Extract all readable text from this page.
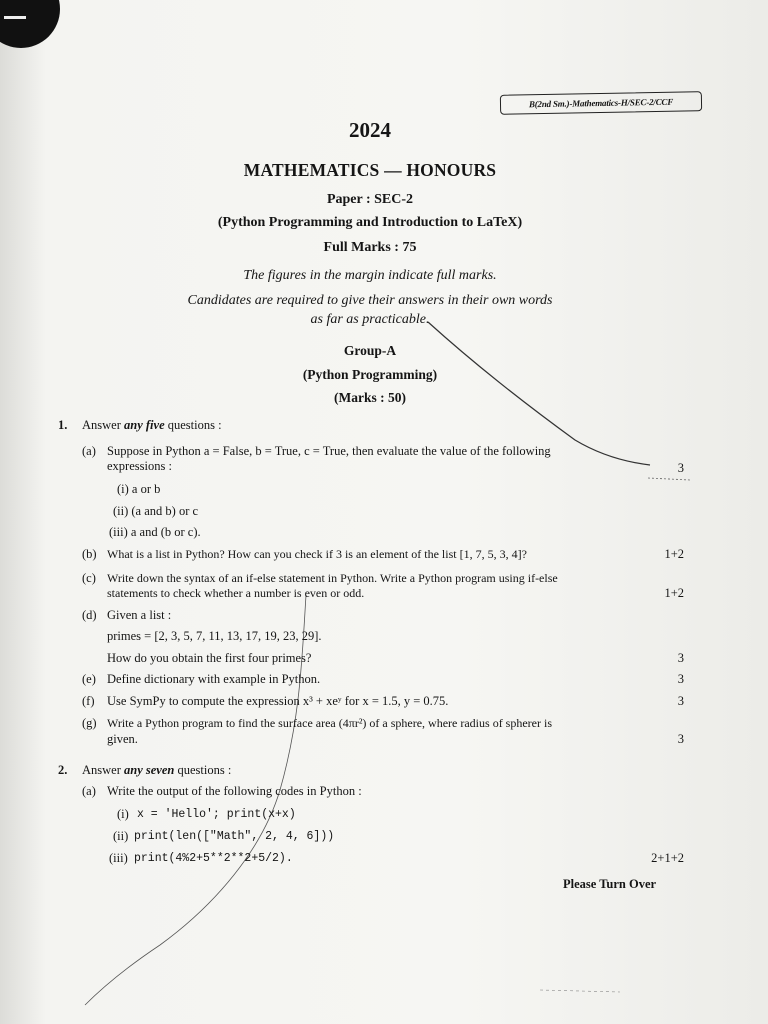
B(2nd Sm.)-Mathematics-H/SEC-2/CCF
2024
MATHEMATICS — HONOURS
Paper : SEC-2
(Python Programming and Introduction to LaTeX)
Full Marks : 75
The figures in the margin indicate full marks.
Candidates are required to give their answers in their own words
as far as practicable.
Group-A
(Python Programming)
(Marks : 50)
1. Answer any five questions :
(a) Suppose in Python a = False, b = True, c = True, then evaluate the value of the following
expressions :	3
(i) a or b
(ii) (a and b) or c
(iii) a and (b or c).
(b) What is a list in Python? How can you check if 3 is an element of the list [1, 7, 5, 3, 4]?	1+2
(c) Write down the syntax of an if-else statement in Python. Write a Python program using if-else
statements to check whether a number is even or odd.	1+2
(d) Given a list :
primes = [2, 3, 5, 7, 11, 13, 17, 19, 23, 29].
How do you obtain the first four primes?	3
(e) Define dictionary with example in Python.	3
(f) Use SymPy to compute the expression x³ + xeʸ for x = 1.5, y = 0.75.	3
(g) Write a Python program to find the surface area (4πr²) of a sphere, where radius of spherer is
given.	3
2. Answer any seven questions :
(a) Write the output of the following codes in Python :
(i) x = 'Hello'; print(x+x)
(ii) print(len(["Math", 2, 4, 6]))
(iii) print(4%2+5**2**2+5/2).	2+1+2
Please Turn Over
